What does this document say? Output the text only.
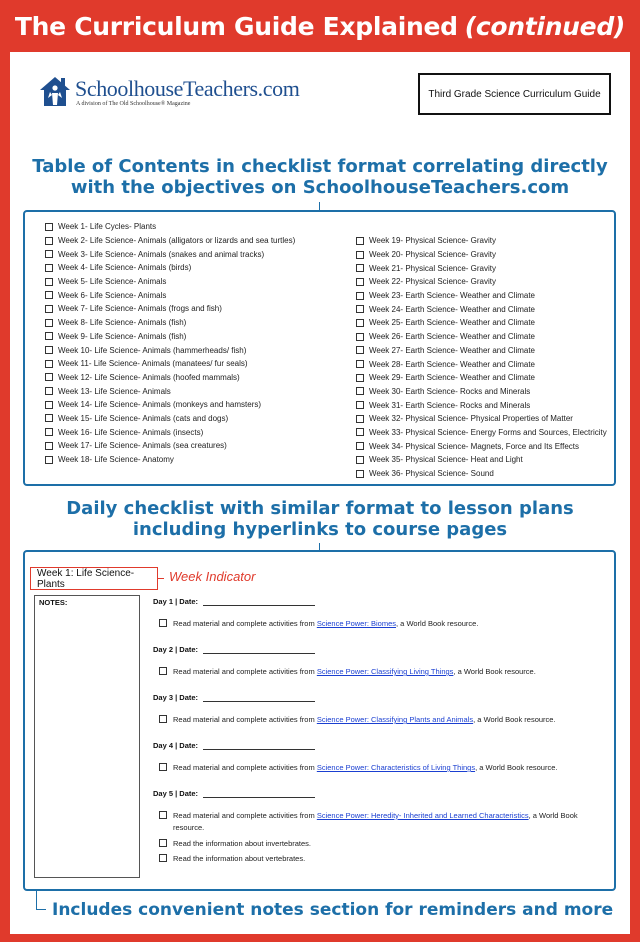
The Curriculum Guide Explained (continued)
SchoolhouseTeachers.com
A division of The Old Schoolhouse® Magazine
Third Grade Science Curriculum Guide
Table of Contents in checklist format correlating directly
with the objectives on SchoolhouseTeachers.com
Week 1- Life Cycles- Plants
Week 2- Life Science- Animals (alligators or lizards and sea turtles)
Week 3- Life Science- Animals (snakes and animal tracks)
Week 4- Life Science- Animals (birds)
Week 5- Life Science- Animals
Week 6- Life Science- Animals
Week 7- Life Science- Animals (frogs and fish)
Week 8- Life Science- Animals (fish)
Week 9- Life Science- Animals (fish)
Week 10- Life Science- Animals (hammerheads/ fish)
Week 11- Life Science- Animals (manatees/ fur seals)
Week 12- Life Science- Animals (hoofed mammals)
Week 13- Life Science- Animals
Week 14- Life Science- Animals (monkeys and hamsters)
Week 15- Life Science- Animals (cats and dogs)
Week 16- Life Science- Animals (insects)
Week 17- Life Science- Animals (sea creatures)
Week 18- Life Science- Anatomy
Week 19- Physical Science- Gravity
Week 20- Physical Science- Gravity
Week 21- Physical Science- Gravity
Week 22- Physical Science- Gravity
Week 23- Earth Science- Weather and Climate
Week 24- Earth Science- Weather and Climate
Week 25- Earth Science- Weather and Climate
Week 26- Earth Science- Weather and Climate
Week 27- Earth Science- Weather and Climate
Week 28- Earth Science- Weather and Climate
Week 29- Earth Science- Weather and Climate
Week 30- Earth Science- Rocks and Minerals
Week 31- Earth Science- Rocks and Minerals
Week 32- Physical Science- Physical Properties of Matter
Week 33- Physical Science- Energy Forms and Sources, Electricity
Week 34- Physical Science- Magnets, Force and Its Effects
Week 35- Physical Science- Heat and Light
Week 36- Physical Science- Sound
Daily checklist with similar format to lesson plans
including hyperlinks to course pages
Week 1: Life Science- Plants	Week Indicator
NOTES:	Day 1 | Date:
Read material and complete activities from Science Power: Biomes, a World Book resource.
Day 2 | Date:
Read material and complete activities from Science Power: Classifying Living Things, a World Book resource.
Day 3 | Date:
Read material and complete activities from Science Power: Classifying Plants and Animals, a World Book resource.
Day 4 | Date:
Read material and complete activities from Science Power: Characteristics of Living Things, a World Book resource.
Day 5 | Date:
Read material and complete activities from Science Power: Heredity- Inherited and Learned Characteristics, a World Book resource.
Read the information about invertebrates.
Read the information about vertebrates.
Includes convenient notes section for reminders and more
